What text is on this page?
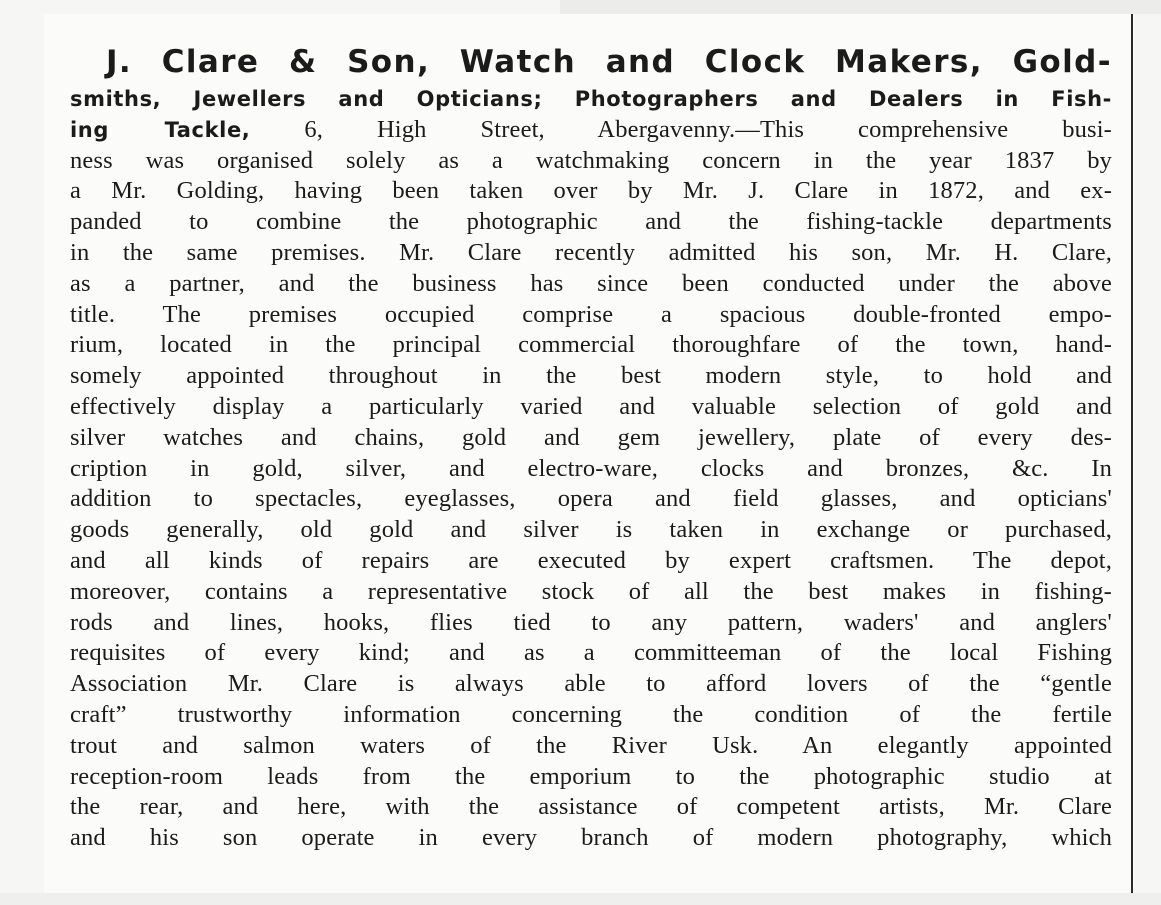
J. Clare & Son, Watch and Clock Makers, Gold-
smiths, Jewellers and Opticians; Photographers and Dealers in Fish-
ing Tackle, 6, High Street, Abergavenny.—This comprehensive busi-
ness was organised solely as a watchmaking concern in the year 1837 by
a Mr. Golding, having been taken over by Mr. J. Clare in 1872, and ex-
panded to combine the photographic and the fishing-tackle departments
in the same premises. Mr. Clare recently admitted his son, Mr. H. Clare,
as a partner, and the business has since been conducted under the above
title. The premises occupied comprise a spacious double-fronted empo-
rium, located in the principal commercial thoroughfare of the town, hand-
somely appointed throughout in the best modern style, to hold and
effectively display a particularly varied and valuable selection of gold and
silver watches and chains, gold and gem jewellery, plate of every des-
cription in gold, silver, and electro-ware, clocks and bronzes, &c. In
addition to spectacles, eyeglasses, opera and field glasses, and opticians'
goods generally, old gold and silver is taken in exchange or purchased,
and all kinds of repairs are executed by expert craftsmen. The depot,
moreover, contains a representative stock of all the best makes in fishing-
rods and lines, hooks, flies tied to any pattern, waders' and anglers'
requisites of every kind; and as a committeeman of the local Fishing
Association Mr. Clare is always able to afford lovers of the “gentle
craft” trustworthy information concerning the condition of the fertile
trout and salmon waters of the River Usk. An elegantly appointed
reception-room leads from the emporium to the photographic studio at
the rear, and here, with the assistance of competent artists, Mr. Clare
and his son operate in every branch of modern photography, which
